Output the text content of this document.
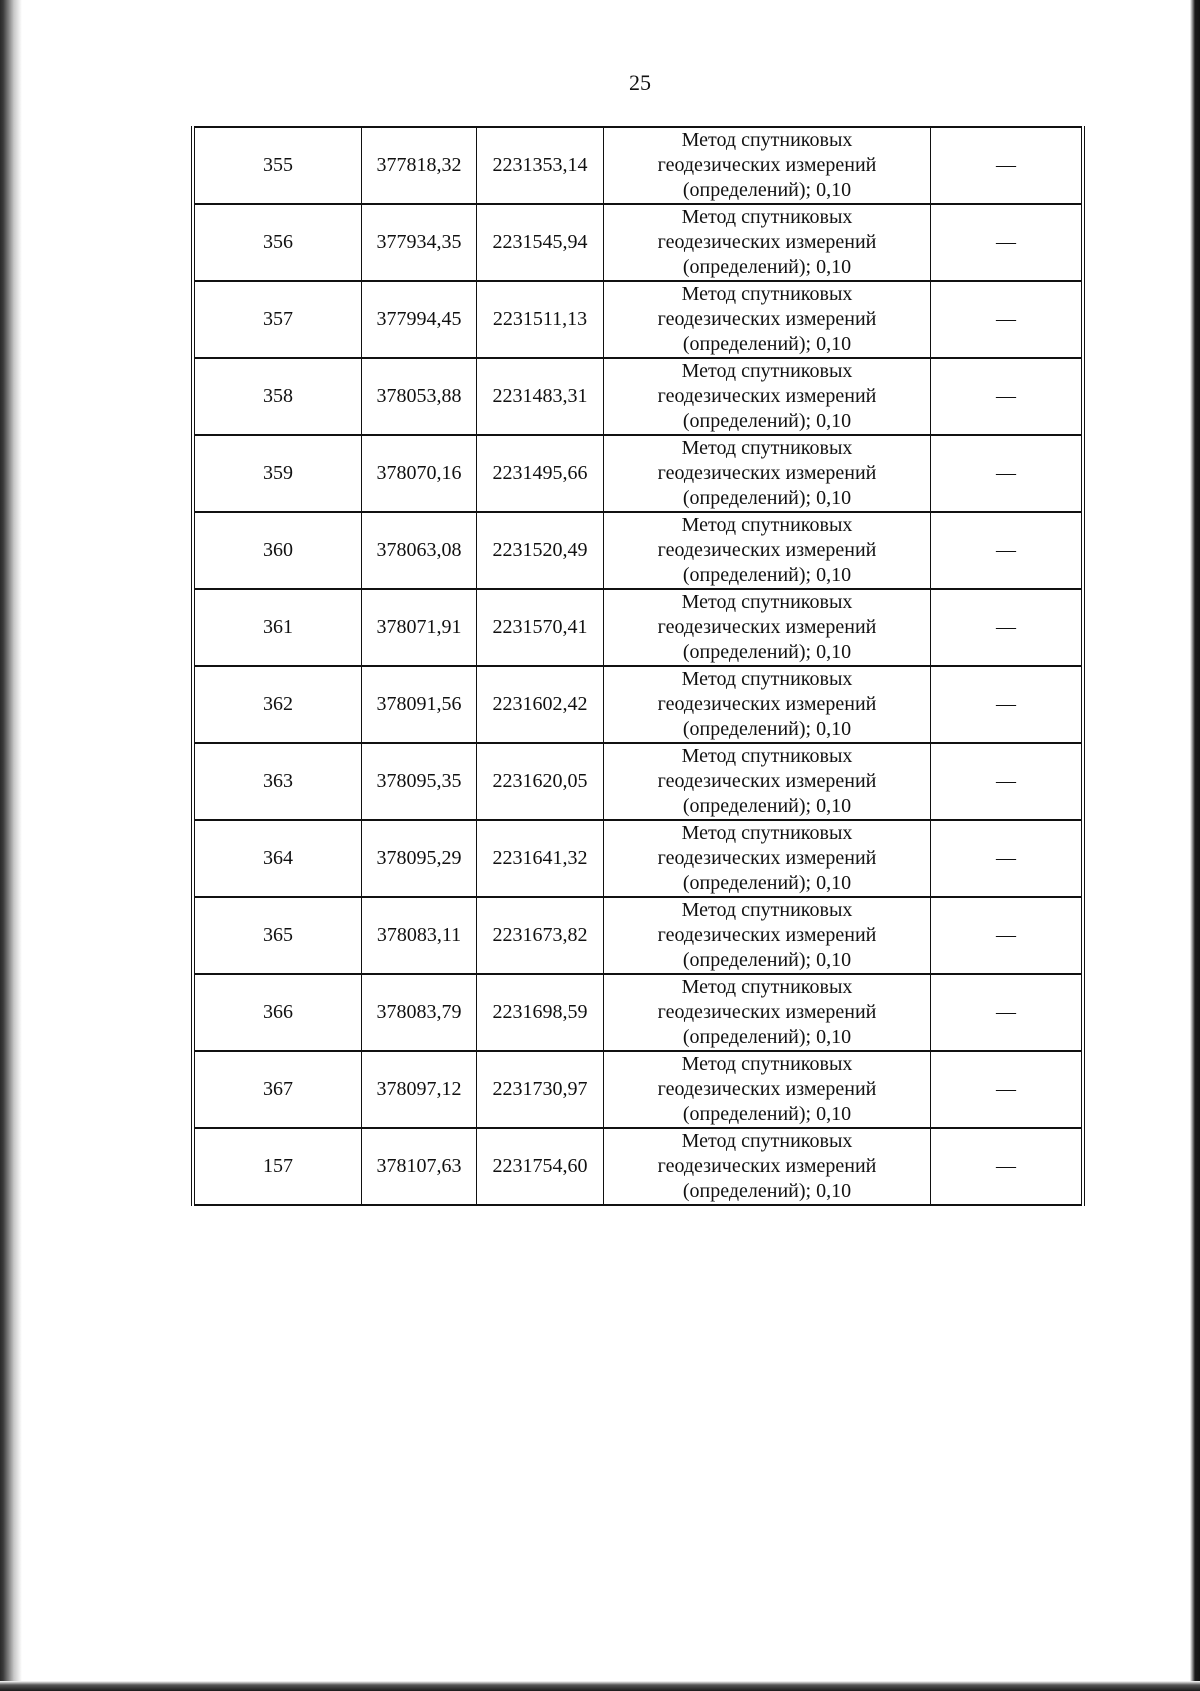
25
355	377818,32	2231353,14	Метод спутниковых
геодезических измерений
(определений); 0,10	—
356	377934,35	2231545,94	Метод спутниковых
геодезических измерений
(определений); 0,10	—
357	377994,45	2231511,13	Метод спутниковых
геодезических измерений
(определений); 0,10	—
358	378053,88	2231483,31	Метод спутниковых
геодезических измерений
(определений); 0,10	—
359	378070,16	2231495,66	Метод спутниковых
геодезических измерений
(определений); 0,10	—
360	378063,08	2231520,49	Метод спутниковых
геодезических измерений
(определений); 0,10	—
361	378071,91	2231570,41	Метод спутниковых
геодезических измерений
(определений); 0,10	—
362	378091,56	2231602,42	Метод спутниковых
геодезических измерений
(определений); 0,10	—
363	378095,35	2231620,05	Метод спутниковых
геодезических измерений
(определений); 0,10	—
364	378095,29	2231641,32	Метод спутниковых
геодезических измерений
(определений); 0,10	—
365	378083,11	2231673,82	Метод спутниковых
геодезических измерений
(определений); 0,10	—
366	378083,79	2231698,59	Метод спутниковых
геодезических измерений
(определений); 0,10	—
367	378097,12	2231730,97	Метод спутниковых
геодезических измерений
(определений); 0,10	—
157	378107,63	2231754,60	Метод спутниковых
геодезических измерений
(определений); 0,10	—
